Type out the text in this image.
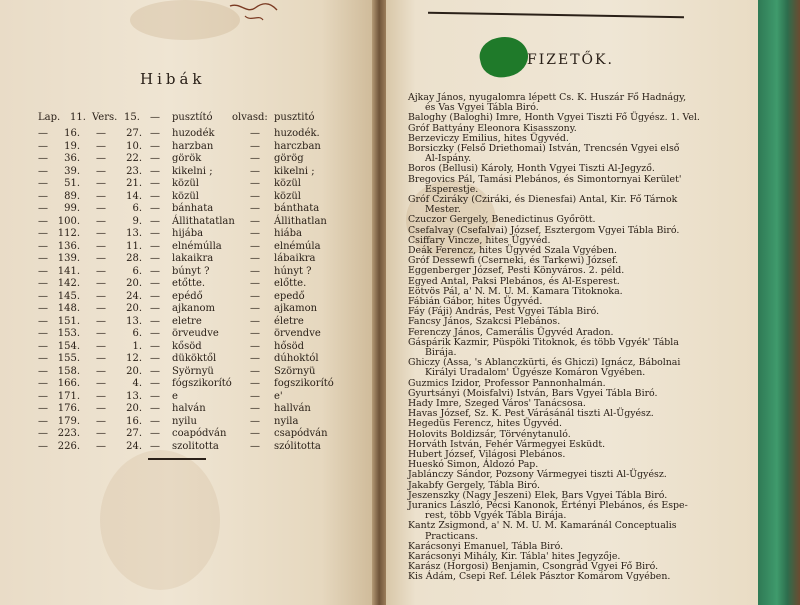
Hibák
Lap. 11. Vers. 15. — pusztító olvasd: pusztitó
—	16. —	27. — huzodék	— huzodék.
—	19. —	10. — harzban	— harczban
—	36. —	22. — görök	— görög
—	39. —	23. — kikelni ;	— kikelni ;
—	51. —	21. — közül	— közül
—	89. —	14. — közül	— közül
—	99. —	6. — bánhata	— bánthata
— 100. —	9. — Állithatatlan — Állithatlan
— 112. —	13. — hijába	— hiába
— 136. —	11. — elnémúlla	— elnémúla
— 139. —	28. — lakaikra	— lábaikra
— 141. —	6. — búnyt ?	— húnyt ?
— 142. —	20. — etőtte.	— előtte.
— 145. —	24. — epédő	— epedő
— 148. —	20. — ajkanom	— ajkamon
— 151. —	13. — eletre	— életre
— 153. —	6. — örveudve	— örvendve
— 154. —	1. — kősöd	— hősöd
— 155. —	12. — düköktől	— dúhoktól
— 158. —	20. — Syörnyü	— Szörnyü
— 166. —	4. — fógszikorító — fogszikorító
— 171. —	13. — e	— e'
— 176. —	20. — halván	— hallván
— 179. —	16. — nyilu	— nyila
— 223. —	27. — coapódván — csapódván
— 226. —	24. — szolitotta	— szólitotta
FIZETŐK.
Ajkay János, nyugalomra lépett Cs. K. Huszár Fő Hadnágy,
és Vas Vgyei Tábla Biró.
Baloghy (Baloghi) Imre, Honth Vgyei Tiszti Fő Ügyész. 1. Vel.
Gróf Battyány Eleonora Kisasszony.
Berzeviczy Emilius, hites Ügyvéd.
Borsiczky (Felső Driethomai) István, Trencsén Vgyei első
Al-Ispány.
Boros (Bellusi) Károly, Honth Vgyei Tiszti Al-Jegyző.
Bregovics Pál, Tamási Plebános, és Simontornyai Kerület'
Esperestje.
Gróf Cziráky (Cziráki, és Dienesfai) Antal, Kir. Fő Tárnok
Mester.
Czuczor Gergely, Benedictinus Győrött.
Csefalvay (Csefalvai) József, Esztergom Vgyei Tábla Biró.
Csiffary Vincze, hites Ügyvéd.
Deák Ferencz, hites Ügyvéd Szala Vgyében.
Gróf Dessewfi (Cserneki, és Tarkewi) József.
Eggenberger József, Pesti Könyváros. 2. péld.
Egyed Antal, Paksi Plebános, és Al-Esperest.
Eötvös Pál, a' N. M. U. M. Kamara Titoknoka.
Fábián Gábor, hites Ügyvéd.
Fáy (Fáji) András, Pest Vgyei Tábla Biró.
Fancsy János, Szakcsi Plebános.
Ferenczy János, Camerális Ügyvéd Aradon.
Gáspárik Kazmir, Püspöki Titoknok, és több Vgyék' Tábla
Birája.
Ghiczy (Assa, 's Ablanczkürti, és Ghiczi) Ignácz, Bábolnai
Királyi Uradalom' Ügyésze Komáron Vgyében.
Guzmics Izidor, Professor Pannonhalmán.
Gyurtsányi (Moisfalvi) István, Bars Vgyei Tábla Biró.
Hady Imre, Szeged Város' Tanácsosa.
Havas József, Sz. K. Pest Várásánál tiszti Al-Ügyész.
Hegedüs Ferencz, hites Ügyvéd.
Holovits Boldizsár, Törvénytanuló.
Horváth István, Fehér Vármegyei Esküdt.
Hubert József, Világosi Plebános.
Hueskó Simon, Áldozó Pap.
Jablánczy Sándor, Pozsony Vármegyei tiszti Al-Ügyész.
Jakabfy Gergely, Tábla Biró.
Jeszenszky (Nagy Jeszeni) Elek, Bars Vgyei Tábla Biró.
Juranics László, Pécsi Kanonok, Értényi Plebános, és Espe-
rest, több Vgyék Tábla Birája.
Kantz Zsigmond, a' N. M. U. M. Kamaránál Conceptualis
Practicans.
Karácsonyi Emanuel, Tábla Biró.
Karácsonyi Mihály, Kir. Tábla' hites Jegyzője.
Karász (Horgosi) Benjamin, Csongrád Vgyei Fő Biró.
Kis Ádám, Csepi Ref. Lélek Pásztor Komárom Vgyében.
